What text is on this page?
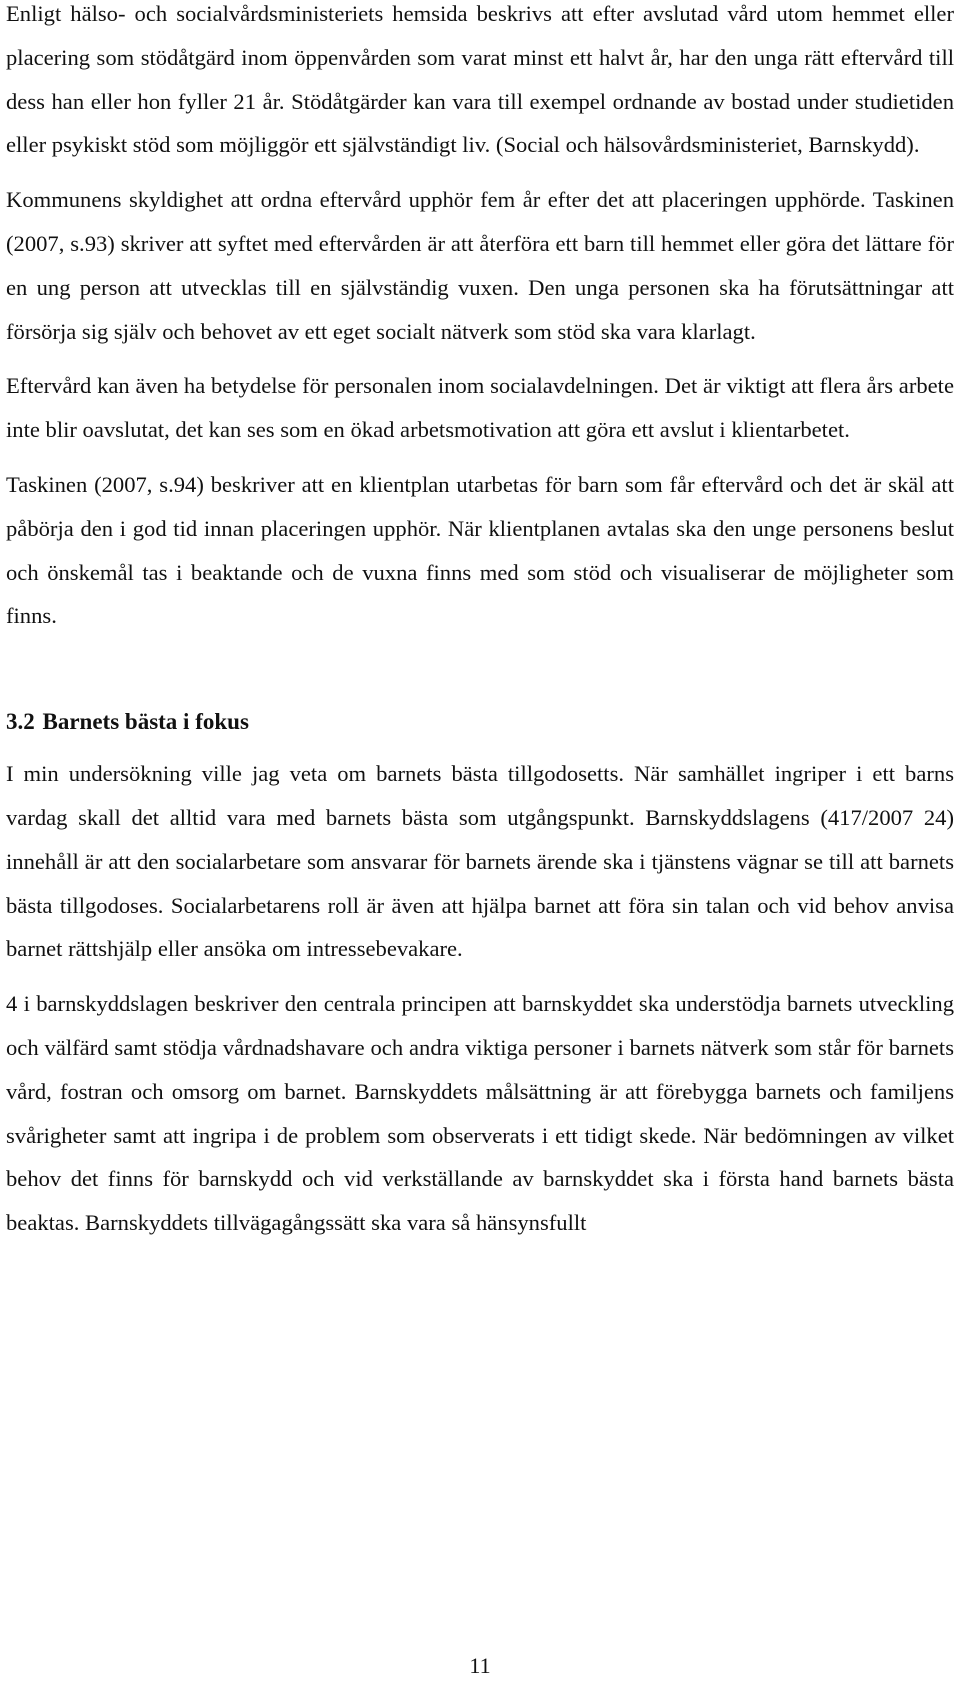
Enligt hälso- och socialvårdsministeriets hemsida beskrivs att efter avslutad vård utom hemmet eller placering som stödåtgärd inom öppenvården som varat minst ett halvt år, har den unga rätt eftervård till dess han eller hon fyller 21 år. Stödåtgärder kan vara till exempel ordnande av bostad under studietiden eller psykiskt stöd som möjliggör ett självständigt liv. (Social och hälsovårdsministeriet, Barnskydd).

Kommunens skyldighet att ordna eftervård upphör fem år efter det att placeringen upphörde. Taskinen (2007, s.93) skriver att syftet med eftervården är att återföra ett barn till hemmet eller göra det lättare för en ung person att utvecklas till en självständig vuxen. Den unga personen ska ha förutsättningar att försörja sig själv och behovet av ett eget socialt nätverk som stöd ska vara klarlagt.

Eftervård kan även ha betydelse för personalen inom socialavdelningen. Det är viktigt att flera års arbete inte blir oavslutat, det kan ses som en ökad arbetsmotivation att göra ett avslut i klientarbetet.

Taskinen (2007, s.94) beskriver att en klientplan utarbetas för barn som får eftervård och det är skäl att påbörja den i god tid innan placeringen upphör. När klientplanen avtalas ska den unge personens beslut och önskemål tas i beaktande och de vuxna finns med som stöd och visualiserar de möjligheter som finns.

3.2 Barnets bästa i fokus

I min undersökning ville jag veta om barnets bästa tillgodosetts. När samhället ingriper i ett barns vardag skall det alltid vara med barnets bästa som utgångspunkt. Barnskyddslagens (417/2007 24) innehåll är att den socialarbetare som ansvarar för barnets ärende ska i tjänstens vägnar se till att barnets bästa tillgodoses. Socialarbetarens roll är även att hjälpa barnet att föra sin talan och vid behov anvisa barnet rättshjälp eller ansöka om intressebevakare.

4 i barnskyddslagen beskriver den centrala principen att barnskyddet ska understödja barnets utveckling och välfärd samt stödja vårdnadshavare och andra viktiga personer i barnets nätverk som står för barnets vård, fostran och omsorg om barnet. Barnskyddets målsättning är att förebygga barnets och familjens svårigheter samt att ingripa i de problem som observerats i ett tidigt skede. När bedömningen av vilket behov det finns för barnskydd och vid verkställande av barnskyddet ska i första hand barnets bästa beaktas. Barnskyddets tillvägagångssätt ska vara så hänsynsfullt

11
